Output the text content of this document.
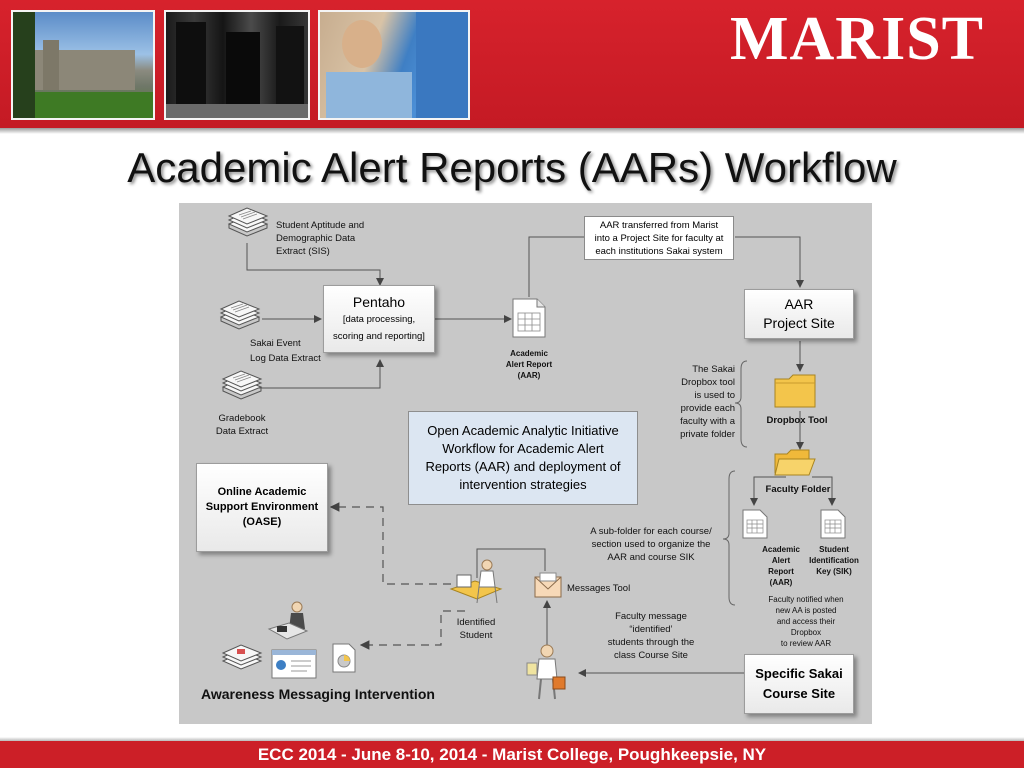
MARIST
Academic Alert Reports (AARs) Workflow
Student Aptitude and
Demographic Data
Extract (SIS)
Sakai Event
Log Data Extract
Gradebook
Data Extract
Pentaho
[data processing,
scoring and reporting]
Academic
Alert Report
(AAR)
AAR transferred from Marist
into a Project Site for faculty at
each institutions Sakai system
AAR
Project Site
The Sakai
Dropbox tool
is used to
provide each
faculty with a
private folder
Dropbox Tool
Faculty Folder
A sub-folder for each course/
section used to organize the
AAR and course SIK
Academic
Alert
Report
(AAR)
Student
Identification
Key (SIK)
Faculty notified when
new AA is posted
and access their
Dropbox
to review AAR
Open Academic Analytic Initiative
Workflow for Academic Alert
Reports (AAR) and deployment of
intervention strategies
Online Academic
Support Environment
(OASE)
Identified
Student
Messages Tool
Faculty message
“identified’
students through the
class Course Site
Specific Sakai
Course Site
Awareness Messaging Intervention
ECC 2014 - June 8-10, 2014 - Marist College, Poughkeepsie, NY
